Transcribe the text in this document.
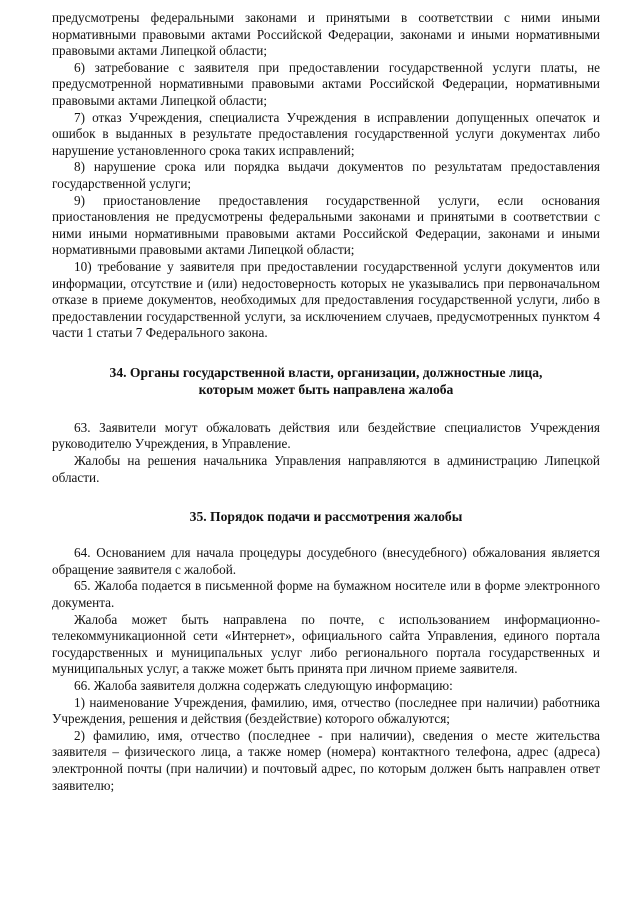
предусмотрены федеральными законами и принятыми в соответствии с ними иными нормативными правовыми актами Российской Федерации, законами и иными нормативными правовыми актами Липецкой области;

6) затребование с заявителя при предоставлении государственной услуги платы, не предусмотренной нормативными правовыми актами Российской Федерации, нормативными правовыми актами Липецкой области;

7) отказ Учреждения, специалиста Учреждения в исправлении допущенных опечаток и ошибок в выданных в результате предоставления государственной услуги документах либо нарушение установленного срока таких исправлений;

8) нарушение срока или порядка выдачи документов по результатам предоставления государственной услуги;

9) приостановление предоставления государственной услуги, если основания приостановления не предусмотрены федеральными законами и принятыми в соответствии с ними иными нормативными правовыми актами Российской Федерации, законами и иными нормативными правовыми актами Липецкой области;

10) требование у заявителя при предоставлении государственной услуги документов или информации, отсутствие и (или) недостоверность которых не указывались при первоначальном отказе в приеме документов, необходимых для предоставления государственной услуги, либо в предоставлении государственной услуги, за исключением случаев, предусмотренных пунктом 4 части 1 статьи 7 Федерального закона.

34. Органы государственной власти, организации, должностные лица,
которым может быть направлена жалоба

63. Заявители могут обжаловать действия или бездействие специалистов Учреждения руководителю Учреждения, в Управление.

Жалобы на решения начальника Управления направляются в администрацию Липецкой области.

35. Порядок подачи и рассмотрения жалобы

64. Основанием для начала процедуры досудебного (внесудебного) обжалования является обращение заявителя с жалобой.

65. Жалоба подается в письменной форме на бумажном носителе или в форме электронного документа.

Жалоба может быть направлена по почте, с использованием информационно-телекоммуникационной сети «Интернет», официального сайта Управления, единого портала государственных и муниципальных услуг либо регионального портала государственных и муниципальных услуг, а также может быть принята при личном приеме заявителя.

66. Жалоба заявителя должна содержать следующую информацию:

1) наименование Учреждения, фамилию, имя, отчество (последнее при наличии) работника Учреждения, решения и действия (бездействие) которого обжалуются;

2) фамилию, имя, отчество (последнее - при наличии), сведения о месте жительства заявителя – физического лица, а также номер (номера) контактного телефона, адрес (адреса) электронной почты (при наличии) и почтовый адрес, по которым должен быть направлен ответ заявителю;
